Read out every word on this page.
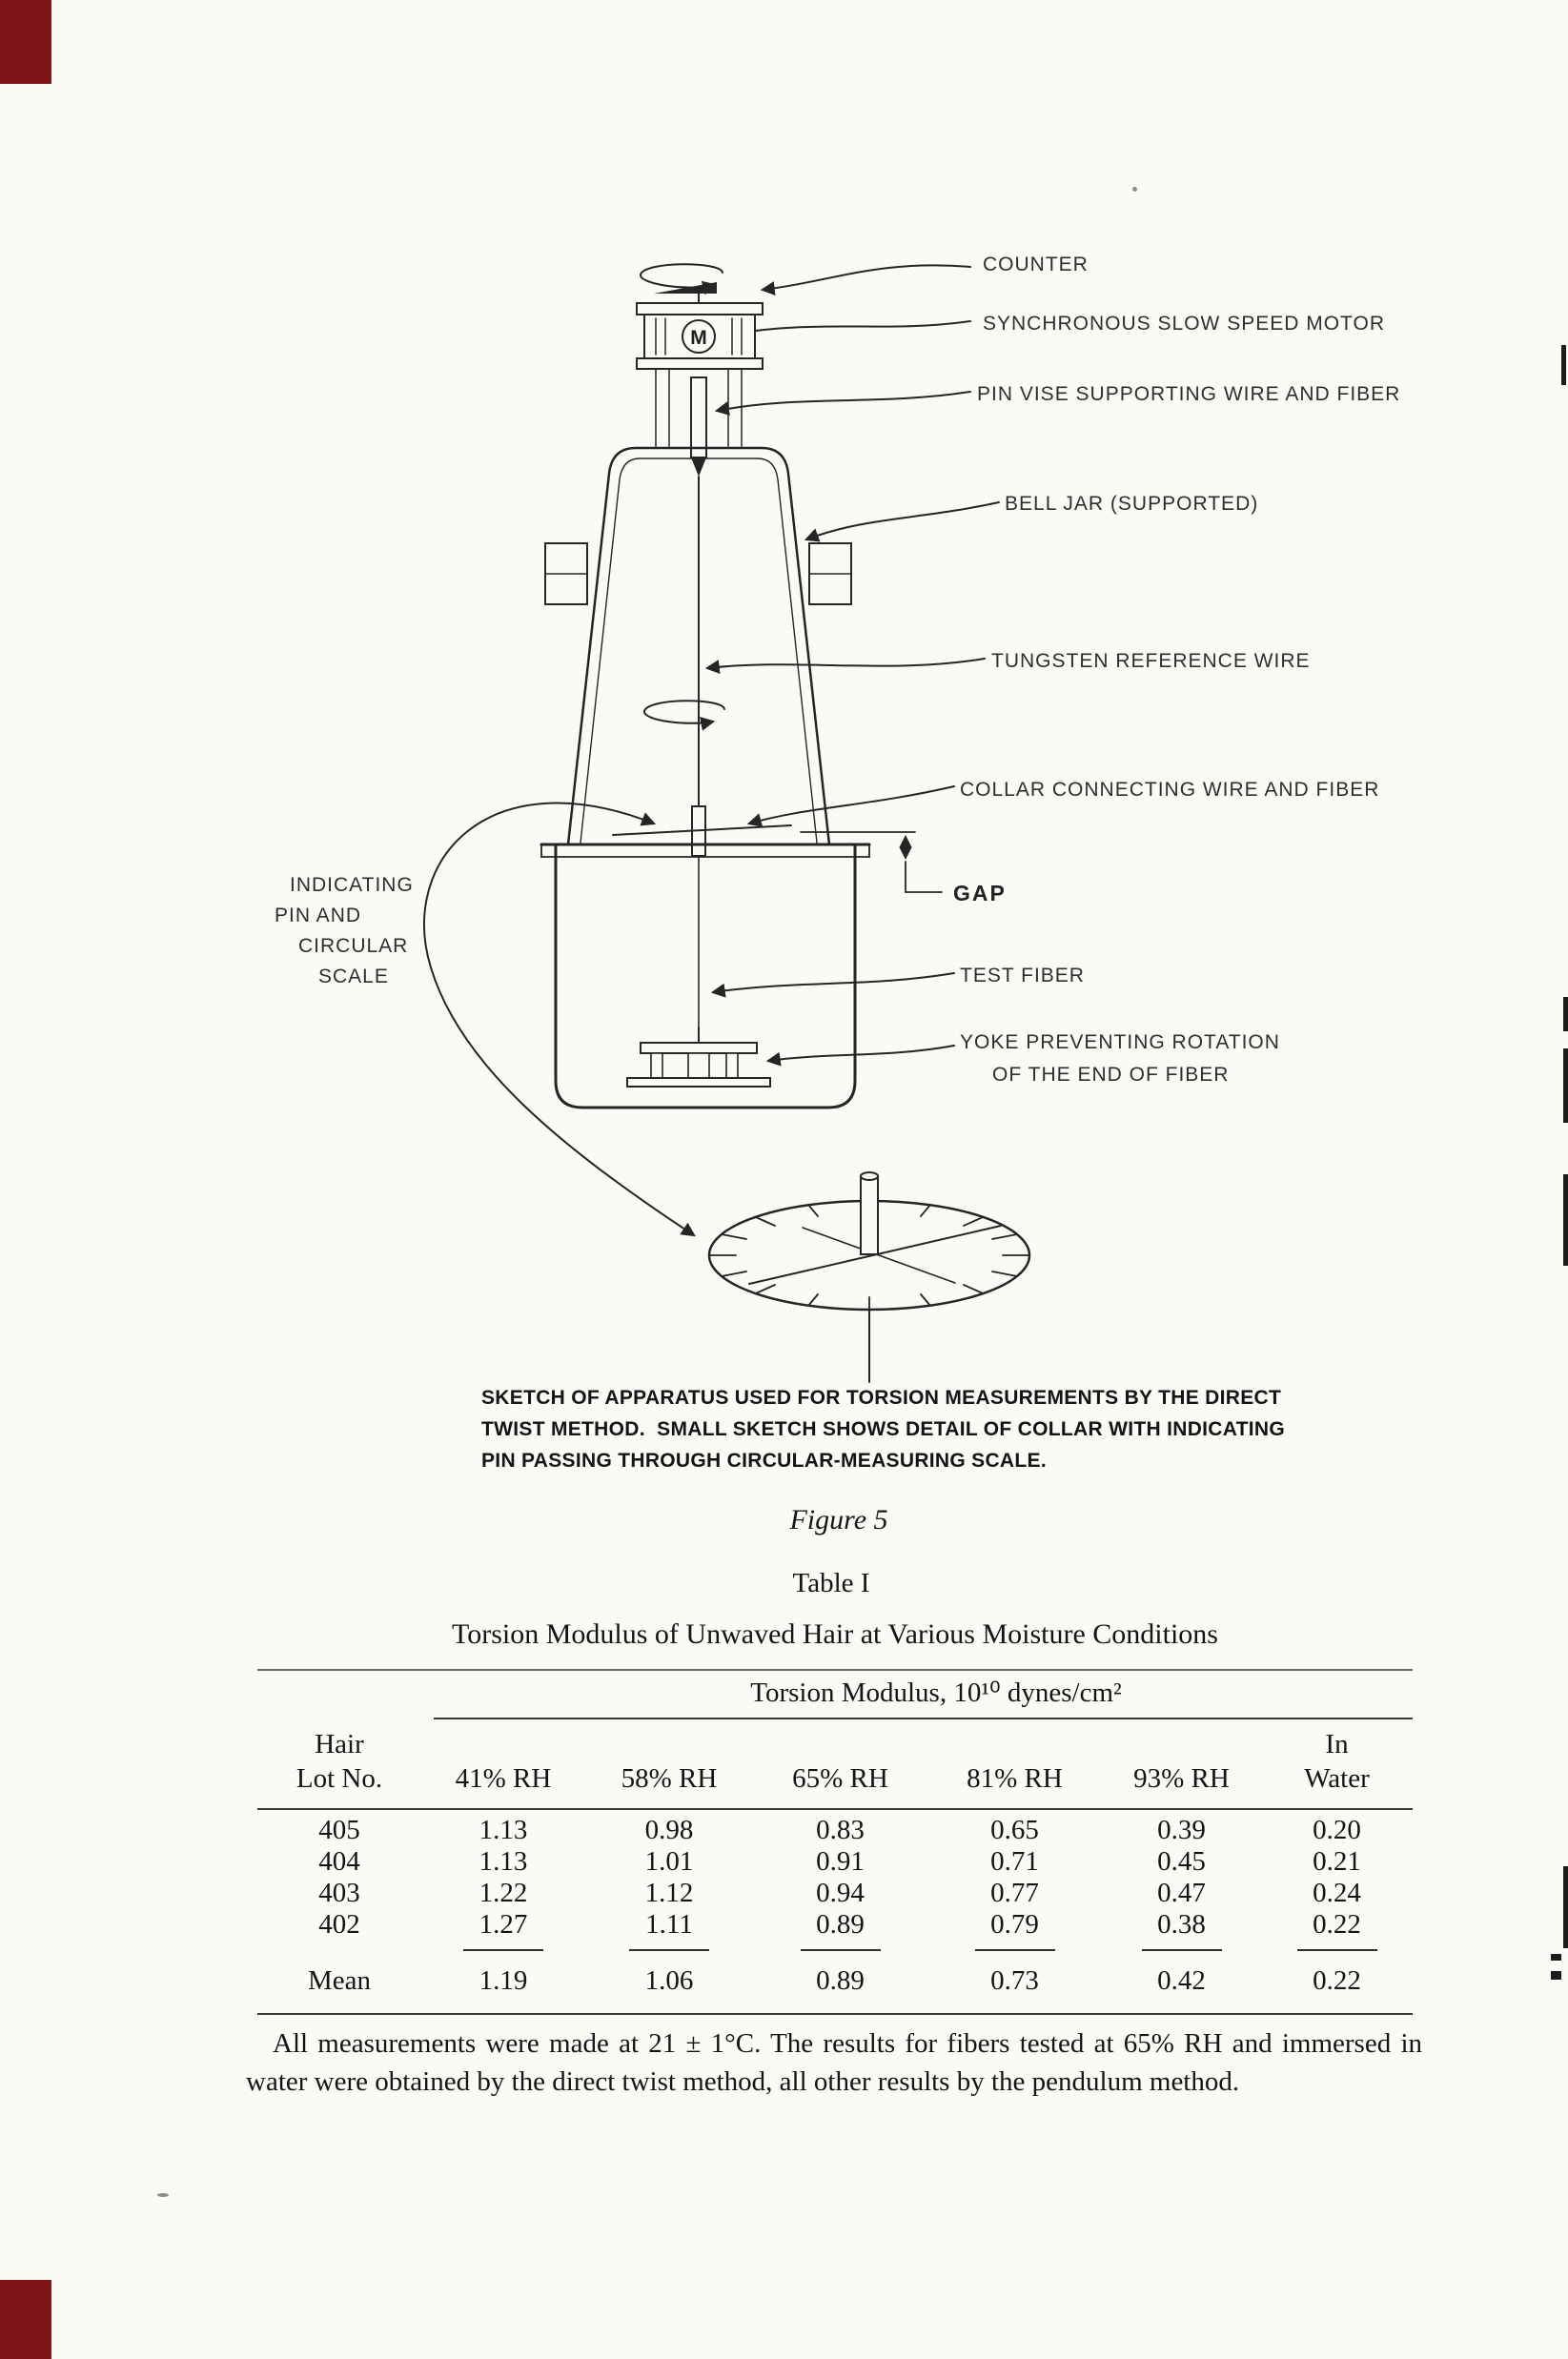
M
COUNTER
SYNCHRONOUS SLOW SPEED MOTOR
PIN VISE SUPPORTING WIRE AND FIBER
BELL JAR (SUPPORTED)
TUNGSTEN REFERENCE WIRE
COLLAR CONNECTING WIRE AND FIBER
GAP
TEST FIBER
YOKE PREVENTING ROTATION
OF THE END OF FIBER
INDICATING
PIN AND
CIRCULAR
SCALE
SKETCH OF APPARATUS USED FOR TORSION MEASUREMENTS BY THE DIRECT
TWIST METHOD.  SMALL SKETCH SHOWS DETAIL OF COLLAR WITH INDICATING
PIN PASSING THROUGH CIRCULAR-MEASURING SCALE.
Figure 5
Table I
Torsion Modulus of Unwaved Hair at Various Moisture Conditions
Torsion Modulus, 10¹⁰ dynes/cm²
Hair	In
Lot No.	41% RH	58% RH	65% RH	81% RH	93% RH	Water
405	1.13	0.98	0.83	0.65	0.39	0.20
404	1.13	1.01	0.91	0.71	0.45	0.21
403	1.22	1.12	0.94	0.77	0.47	0.24
402	1.27	1.11	0.89	0.79	0.38	0.22
Mean	1.19	1.06	0.89	0.73	0.42	0.22
All measurements were made at 21 ± 1°C. The results for fibers tested at 65% RH and immersed in water were obtained by the direct twist method, all other results by the pendulum method.
